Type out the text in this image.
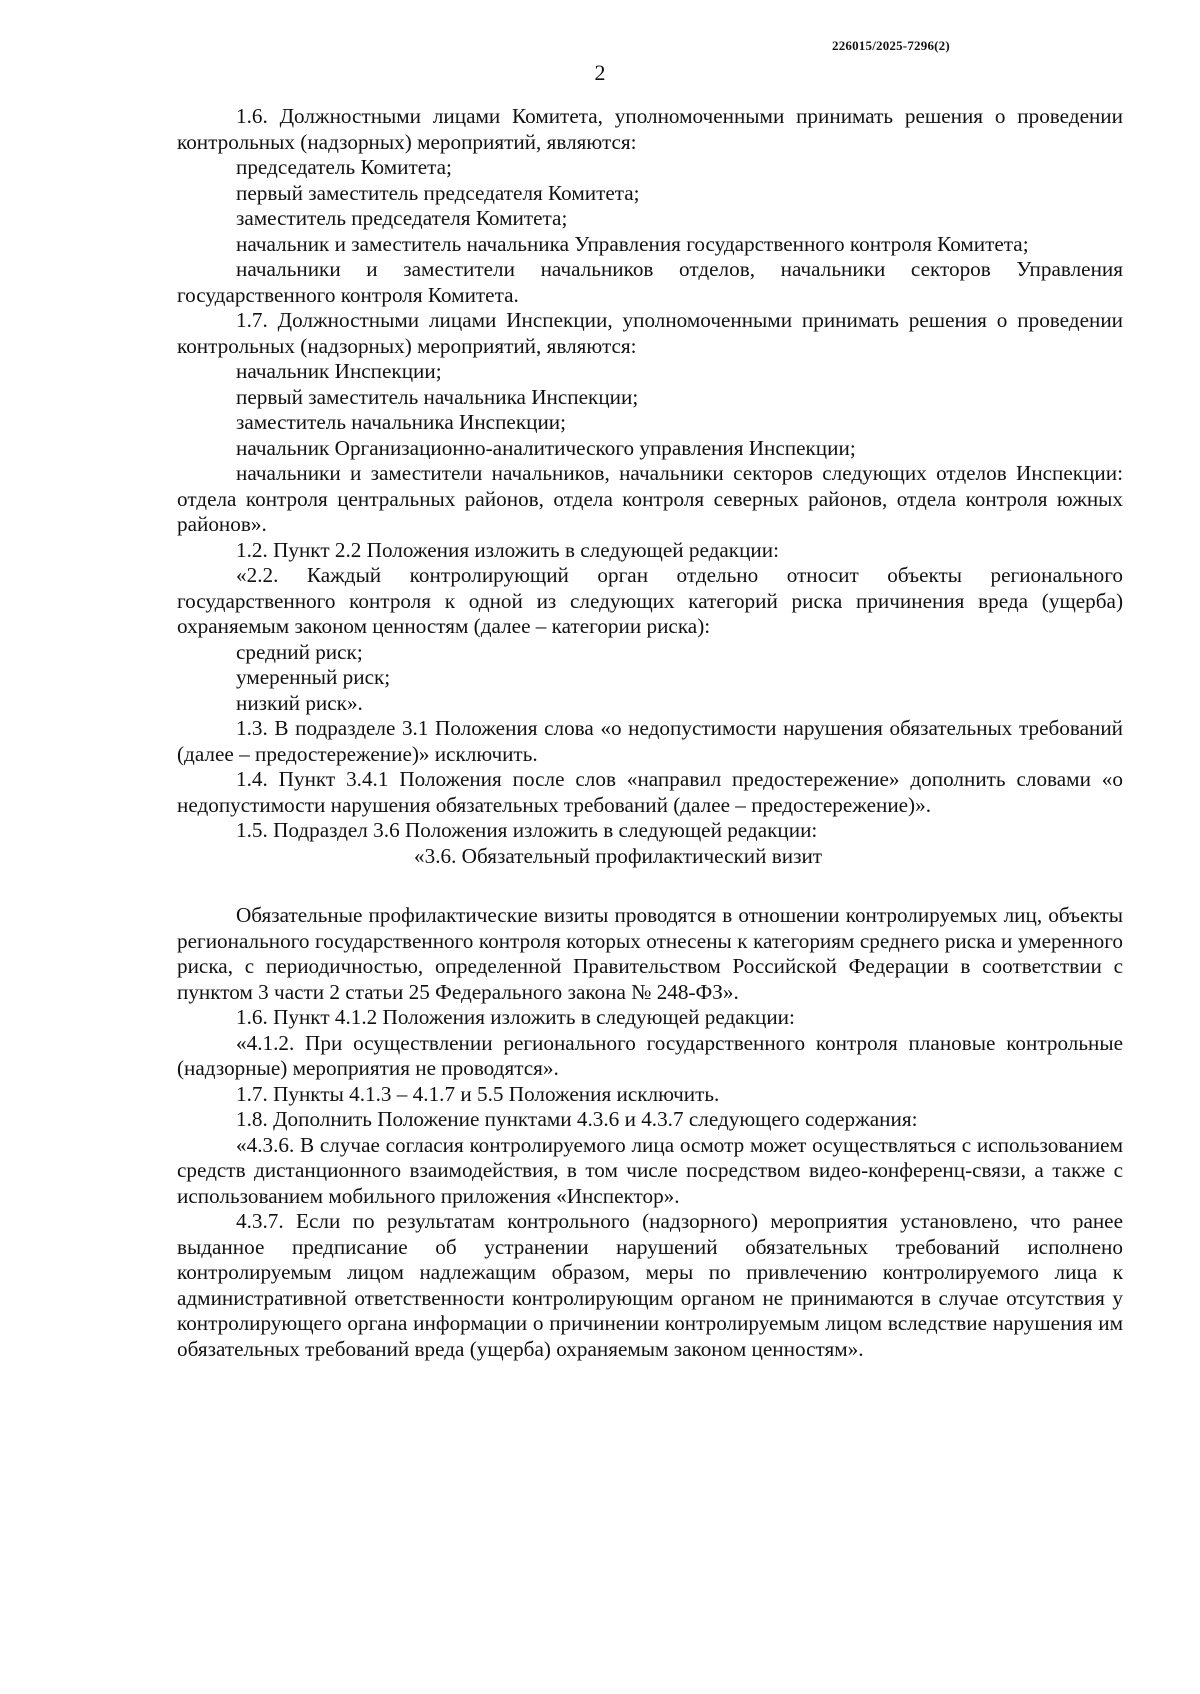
226015/2025-7296(2)
2

1.6. Должностными лицами Комитета, уполномоченными принимать решения о проведении контрольных (надзорных) мероприятий, являются:

председатель Комитета;

первый заместитель председателя Комитета;

заместитель председателя Комитета;

начальник и заместитель начальника Управления государственного контроля Комитета;

начальники и заместители начальников отделов, начальники секторов Управления государственного контроля Комитета.

1.7. Должностными лицами Инспекции, уполномоченными принимать решения о проведении контрольных (надзорных) мероприятий, являются:

начальник Инспекции;

первый заместитель начальника Инспекции;

заместитель начальника Инспекции;

начальник Организационно-аналитического управления Инспекции;

начальники и заместители начальников, начальники секторов следующих отделов Инспекции: отдела контроля центральных районов, отдела контроля северных районов, отдела контроля южных районов».

1.2. Пункт 2.2 Положения изложить в следующей редакции:

«2.2. Каждый контролирующий орган отдельно относит объекты регионального государственного контроля к одной из следующих категорий риска причинения вреда (ущерба) охраняемым законом ценностям (далее – категории риска):

средний риск;

умеренный риск;

низкий риск».

1.3. В подразделе 3.1 Положения слова «о недопустимости нарушения обязательных требований (далее – предостережение)» исключить.

1.4. Пункт 3.4.1 Положения после слов «направил предостережение» дополнить словами «о недопустимости нарушения обязательных требований (далее – предостережение)».

1.5. Подраздел 3.6 Положения изложить в следующей редакции:

«3.6. Обязательный профилактический визит

Обязательные профилактические визиты проводятся в отношении контролируемых лиц, объекты регионального государственного контроля которых отнесены к категориям среднего риска и умеренного риска, с периодичностью, определенной Правительством Российской Федерации в соответствии с пунктом 3 части 2 статьи 25 Федерального закона № 248-ФЗ».

1.6. Пункт 4.1.2 Положения изложить в следующей редакции:

«4.1.2. При осуществлении регионального государственного контроля плановые контрольные (надзорные) мероприятия не проводятся».

1.7. Пункты 4.1.3 – 4.1.7 и 5.5 Положения исключить.

1.8. Дополнить Положение пунктами 4.3.6 и 4.3.7 следующего содержания:

«4.3.6. В случае согласия контролируемого лица осмотр может осуществляться с использованием средств дистанционного взаимодействия, в том числе посредством видео-конференц-связи, а также с использованием мобильного приложения «Инспектор».

4.3.7. Если по результатам контрольного (надзорного) мероприятия установлено, что ранее выданное предписание об устранении нарушений обязательных требований исполнено контролируемым лицом надлежащим образом, меры по привлечению контролируемого лица к административной ответственности контролирующим органом не принимаются в случае отсутствия у контролирующего органа информации о причинении контролируемым лицом вследствие нарушения им обязательных требований вреда (ущерба) охраняемым законом ценностям».
